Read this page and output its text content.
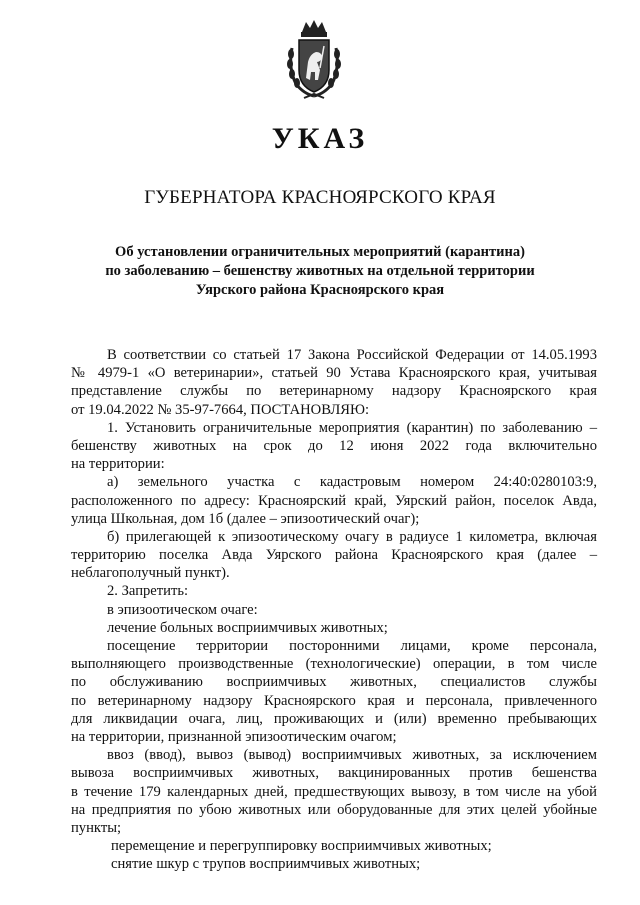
УКАЗ
ГУБЕРНАТОРА КРАСНОЯРСКОГО КРАЯ
Об установлении ограничительных мероприятий (карантина)
по заболеванию – бешенству животных на отдельной территории
Уярского района Красноярского края
В соответствии со статьей 17 Закона Российской Федерации от 14.05.1993
№ 4979-1 «О ветеринарии», статьей 90 Устава Красноярского края, учитывая
представление службы по ветеринарному надзору Красноярского края
от 19.04.2022 № 35-97-7664, ПОСТАНОВЛЯЮ:
1. Установить ограничительные мероприятия (карантин) по заболеванию –
бешенству животных на срок до 12 июня 2022 года включительно
на территории:
а) земельного участка с кадастровым номером 24:40:0280103:9,
расположенного по адресу: Красноярский край, Уярский район, поселок Авда,
улица Школьная, дом 1б (далее – эпизоотический очаг);
б) прилегающей к эпизоотическому очагу в радиусе 1 километра, включая
территорию поселка Авда Уярского района Красноярского края (далее –
неблагополучный пункт).
2. Запретить:
в эпизоотическом очаге:
лечение больных восприимчивых животных;
посещение территории посторонними лицами, кроме персонала,
выполняющего производственные (технологические) операции, в том числе
по обслуживанию восприимчивых животных, специалистов службы
по ветеринарному надзору Красноярского края и персонала, привлеченного
для ликвидации очага, лиц, проживающих и (или) временно пребывающих
на территории, признанной эпизоотическим очагом;
ввоз (ввод), вывоз (вывод) восприимчивых животных, за исключением
вывоза восприимчивых животных, вакцинированных против бешенства
в течение 179 календарных дней, предшествующих вывозу, в том числе на убой
на предприятия по убою животных или оборудованные для этих целей убойные
пункты;
перемещение и перегруппировку восприимчивых животных;
снятие шкур с трупов восприимчивых животных;
